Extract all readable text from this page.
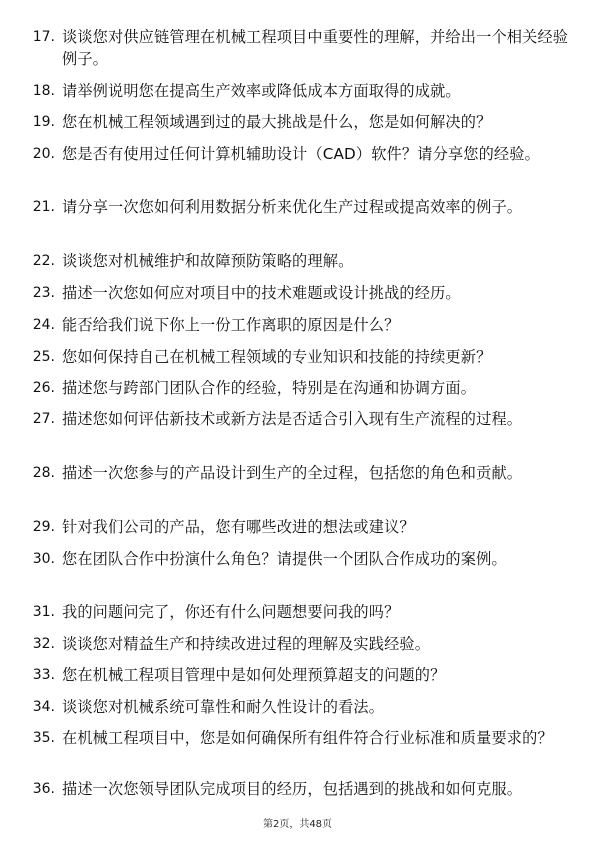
17. 谈谈您对供应链管理在机械工程项目中重要性的理解，并给出一个相关经验例子。
18. 请举例说明您在提高生产效率或降低成本方面取得的成就。
19. 您在机械工程领域遇到过的最大挑战是什么，您是如何解决的？
20. 您是否有使用过任何计算机辅助设计（CAD）软件？请分享您的经验。
21. 请分享一次您如何利用数据分析来优化生产过程或提高效率的例子。
22. 谈谈您对机械维护和故障预防策略的理解。
23. 描述一次您如何应对项目中的技术难题或设计挑战的经历。
24. 能否给我们说下你上一份工作离职的原因是什么？
25. 您如何保持自己在机械工程领域的专业知识和技能的持续更新？
26. 描述您与跨部门团队合作的经验，特别是在沟通和协调方面。
27. 描述您如何评估新技术或新方法是否适合引入现有生产流程的过程。
28. 描述一次您参与的产品设计到生产的全过程，包括您的角色和贡献。
29. 针对我们公司的产品，您有哪些改进的想法或建议？
30. 您在团队合作中扮演什么角色？请提供一个团队合作成功的案例。
31. 我的问题问完了，你还有什么问题想要问我的吗？
32. 谈谈您对精益生产和持续改进过程的理解及实践经验。
33. 您在机械工程项目管理中是如何处理预算超支的问题的？
34. 谈谈您对机械系统可靠性和耐久性设计的看法。
35. 在机械工程项目中，您是如何确保所有组件符合行业标准和质量要求的？
36. 描述一次您领导团队完成项目的经历，包括遇到的挑战和如何克服。
第2页，共48页
